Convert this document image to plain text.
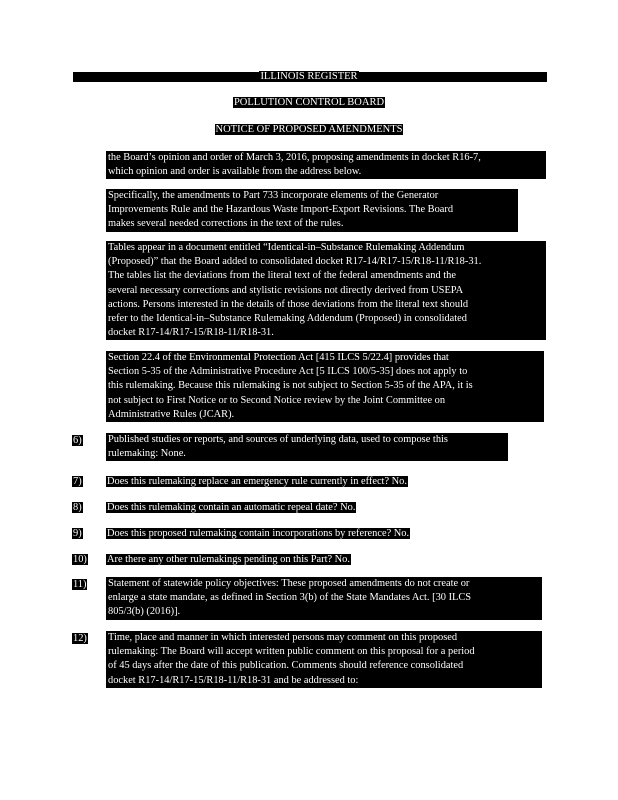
ILLINOIS REGISTER
POLLUTION CONTROL BOARD
NOTICE OF PROPOSED AMENDMENTS
the Board’s opinion and order of March 3, 2016, proposing amendments in docket R16-7,
which opinion and order is available from the address below.
Specifically, the amendments to Part 733 incorporate elements of the Generator
Improvements Rule and the Hazardous Waste Import-Export Revisions. The Board
makes several needed corrections in the text of the rules.
Tables appear in a document entitled “Identical-in–Substance Rulemaking Addendum
(Proposed)” that the Board added to consolidated docket R17-14/R17-15/R18-11/R18-31.
The tables list the deviations from the literal text of the federal amendments and the
several necessary corrections and stylistic revisions not directly derived from USEPA
actions. Persons interested in the details of those deviations from the literal text should
refer to the Identical-in–Substance Rulemaking Addendum (Proposed) in consolidated
docket R17-14/R17-15/R18-11/R18-31.
Section 22.4 of the Environmental Protection Act [415 ILCS 5/22.4] provides that
Section 5-35 of the Administrative Procedure Act [5 ILCS 100/5-35] does not apply to
this rulemaking. Because this rulemaking is not subject to Section 5-35 of the APA, it is
not subject to First Notice or to Second Notice review by the Joint Committee on
Administrative Rules (JCAR).
6)	Published studies or reports, and sources of underlying data, used to compose this
rulemaking: None.
7) Does this rulemaking replace an emergency rule currently in effect? No.
8) Does this rulemaking contain an automatic repeal date? No.
9) Does this proposed rulemaking contain incorporations by reference? No.
10) Are there any other rulemakings pending on this Part? No.
11) Statement of statewide policy objectives: These proposed amendments do not create or
enlarge a state mandate, as defined in Section 3(b) of the State Mandates Act. [30 ILCS
805/3(b) (2016)].
12) Time, place and manner in which interested persons may comment on this proposed
rulemaking: The Board will accept written public comment on this proposal for a period
of 45 days after the date of this publication. Comments should reference consolidated
docket R17-14/R17-15/R18-11/R18-31 and be addressed to:
